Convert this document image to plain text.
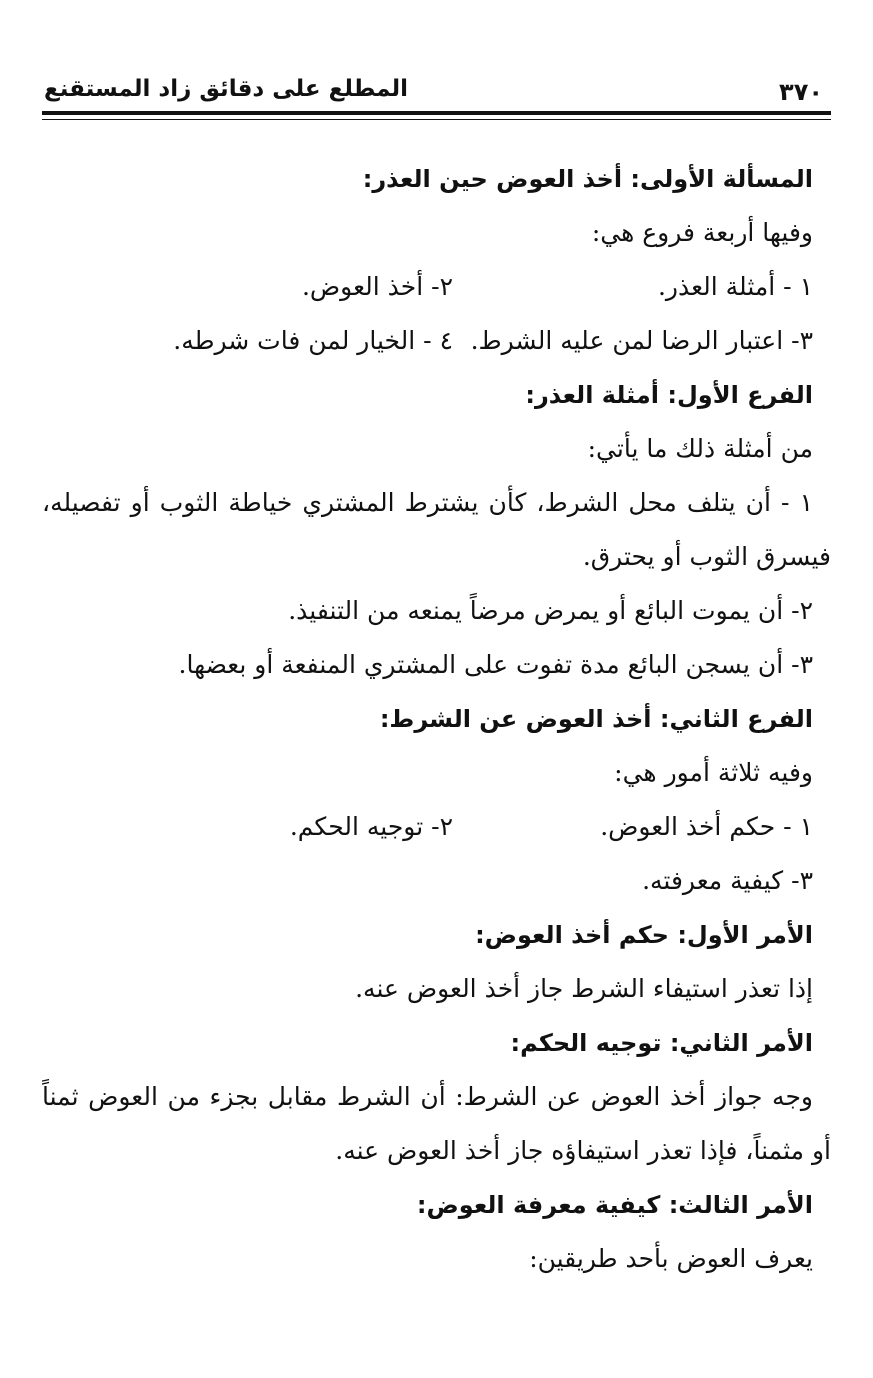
٣٧٠
المطلع على دقائق زاد المستقنع
المسألة الأولى: أخذ العوض حين العذر:
وفيها أربعة فروع هي:
١ - أمثلة العذر.٢- أخذ العوض.
٣- اعتبار الرضا لمن عليه الشرط.٤ - الخيار لمن فات شرطه.
الفرع الأول: أمثلة العذر:
من أمثلة ذلك ما يأتي:
١ - أن يتلف محل الشرط، كأن يشترط المشتري خياطة الثوب أو تفصيله،
فيسرق الثوب أو يحترق.
٢- أن يموت البائع أو يمرض مرضاً يمنعه من التنفيذ.
٣- أن يسجن البائع مدة تفوت على المشتري المنفعة أو بعضها.
الفرع الثاني: أخذ العوض عن الشرط:
وفيه ثلاثة أمور هي:
١ - حكم أخذ العوض.٢- توجيه الحكم.
٣- كيفية معرفته.
الأمر الأول: حكم أخذ العوض:
إذا تعذر استيفاء الشرط جاز أخذ العوض عنه.
الأمر الثاني: توجيه الحكم:
وجه جواز أخذ العوض عن الشرط: أن الشرط مقابل بجزء من العوض ثمناً
أو مثمناً، فإذا تعذر استيفاؤه جاز أخذ العوض عنه.
الأمر الثالث: كيفية معرفة العوض:
يعرف العوض بأحد طريقين:
